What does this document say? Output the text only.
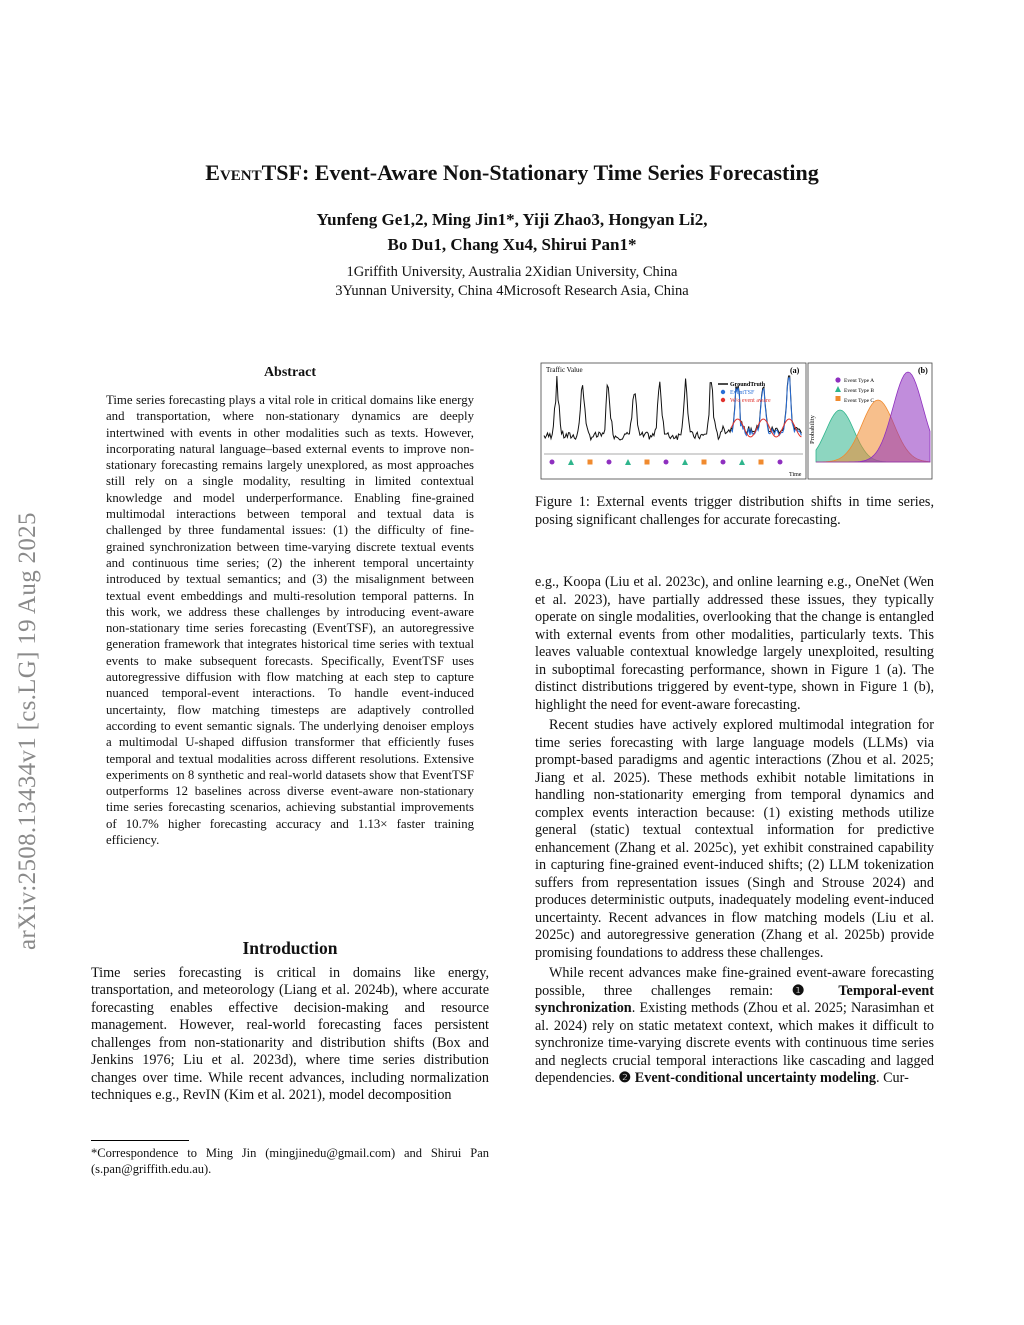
arXiv:2508.13434v1 [cs.LG] 19 Aug 2025
EventTSF: Event-Aware Non-Stationary Time Series Forecasting
Yunfeng Ge1,2, Ming Jin1*, Yiji Zhao3, Hongyan Li2,
Bo Du1, Chang Xu4, Shirui Pan1*
1Griffith University, Australia 2Xidian University, China
3Yunnan University, China 4Microsoft Research Asia, China
Abstract

Time series forecasting plays a vital role in critical domains like energy and transportation, where non-stationary dynamics are deeply intertwined with events in other modalities such as texts. However, incorporating natural language–based external events to improve non-stationary forecasting remains largely unexplored, as most approaches still rely on a single modality, resulting in limited contextual knowledge and model underperformance. Enabling fine-grained multimodal interactions between temporal and textual data is challenged by three fundamental issues: (1) the difficulty of fine-grained synchronization between time-varying discrete textual events and continuous time series; (2) the inherent temporal uncertainty introduced by textual semantics; and (3) the misalignment between textual event embeddings and multi-resolution temporal patterns. In this work, we address these challenges by introducing event-aware non-stationary time series forecasting (EventTSF), an autoregressive generation framework that integrates historical time series with textual events to make subsequent forecasts. Specifically, EventTSF uses autoregressive diffusion with flow matching at each step to capture nuanced temporal-event interactions. To handle event-induced uncertainty, flow matching timesteps are adaptively controlled according to event semantic signals. The underlying denoiser employs a multimodal U-shaped diffusion transformer that efficiently fuses temporal and textual modalities across different resolutions. Extensive experiments on 8 synthetic and real-world datasets show that EventTSF outperforms 12 baselines across diverse event-aware non-stationary time series forecasting scenarios, achieving substantial improvements of 10.7% higher forecasting accuracy and 1.13× faster training efficiency.

Introduction

Time series forecasting is critical in domains like energy, transportation, and meteorology (Liang et al. 2024b), where accurate forecasting enables effective decision-making and resource management. However, real-world forecasting faces persistent challenges from non-stationarity and distribution shifts (Box and Jenkins 1976; Liu et al. 2023d), where time series distribution changes over time. While recent advances, including normalization techniques e.g., RevIN (Kim et al. 2021), model decomposition

*Correspondence to Ming Jin (mingjinedu@gmail.com) and Shirui Pan (s.pan@griffith.edu.au).
Traffic Value	(a)
GroundTruth
EventTSF
W/o event aware
(b)
Probability
Time
Event Type A
Event Type B
Event Type C
Figure 1: External events trigger distribution shifts in time series, posing significant challenges for accurate forecasting.

e.g., Koopa (Liu et al. 2023c), and online learning e.g., OneNet (Wen et al. 2023), have partially addressed these issues, they typically operate on single modalities, overlooking that the change is entangled with external events from other modalities, particularly texts. This leaves valuable contextual knowledge largely unexploited, resulting in suboptimal forecasting performance, shown in Figure 1 (a). The distinct distributions triggered by event-type, shown in Figure 1 (b), highlight the need for event-aware forecasting.

Recent studies have actively explored multimodal integration for time series forecasting with large language models (LLMs) via prompt-based paradigms and agentic interactions (Zhou et al. 2025; Jiang et al. 2025). These methods exhibit notable limitations in handling non-stationarity emerging from temporal dynamics and complex events interaction because: (1) existing methods utilize general (static) textual contextual information for predictive enhancement (Zhang et al. 2025c), yet exhibit constrained capability in capturing fine-grained event-induced shifts; (2) LLM tokenization suffers from representation issues (Singh and Strouse 2024) and produces deterministic outputs, inadequately modeling event-induced uncertainty. Recent advances in flow matching models (Liu et al. 2025c) and autoregressive generation (Zhang et al. 2025b) provide promising foundations to address these challenges.

While recent advances make fine-grained event-aware forecasting possible, three challenges remain: ❶ Temporal-event synchronization. Existing methods (Zhou et al. 2025; Narasimhan et al. 2024) rely on static metatext context, which makes it difficult to synchronize time-varying discrete events with continuous time series and neglects crucial temporal interactions like cascading and lagged dependencies. ❷ Event-conditional uncertainty modeling. Cur-
